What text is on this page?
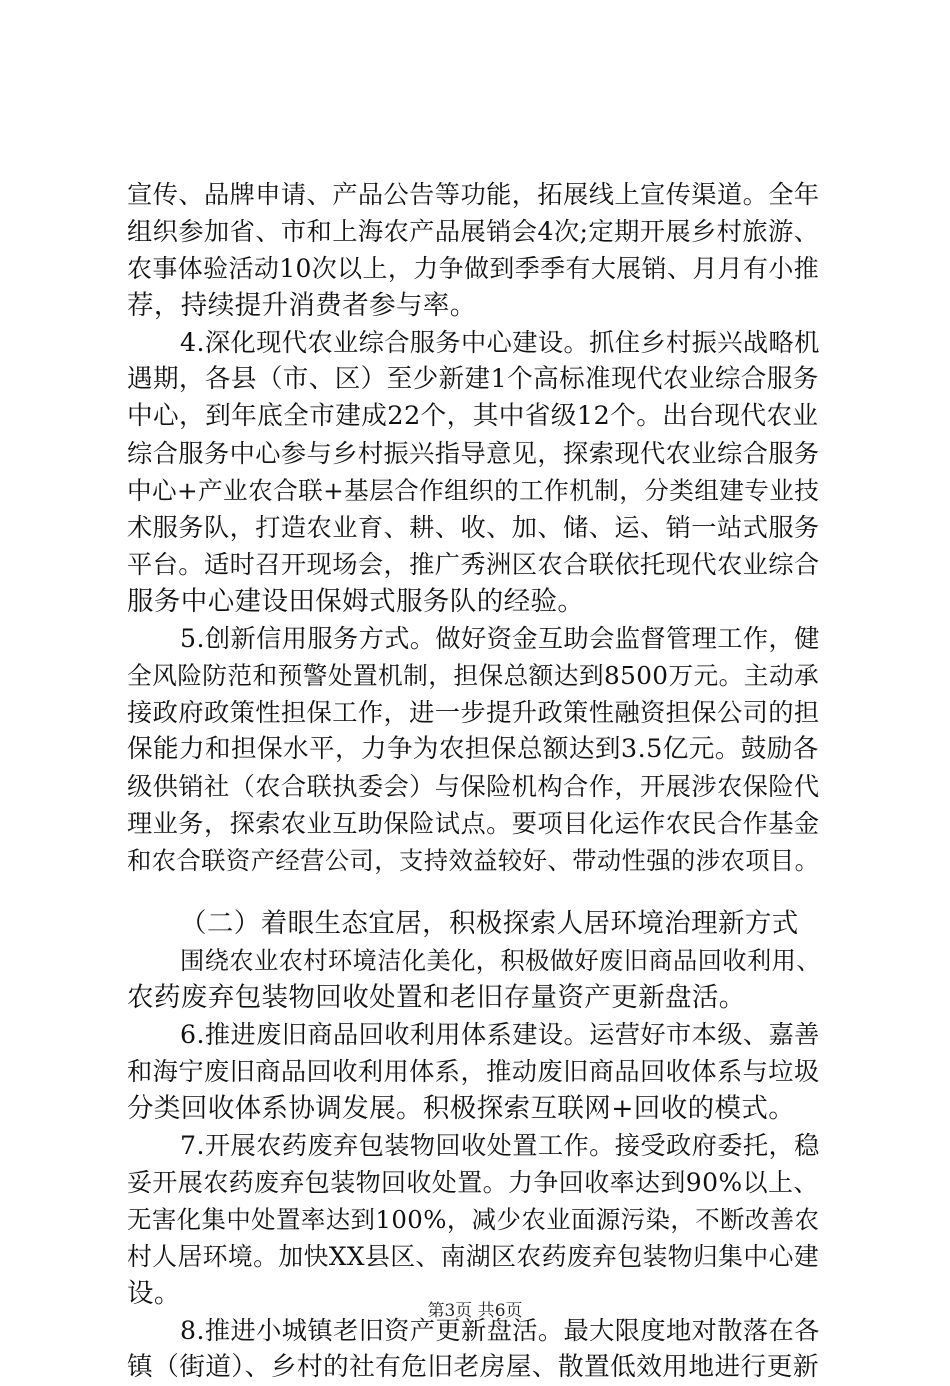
宣传、品牌申请、产品公告等功能，拓展线上宣传渠道。全年
组织参加省、市和上海农产品展销会4次;定期开展乡村旅游、
农事体验活动10次以上，力争做到季季有大展销、月月有小推
荐，持续提升消费者参与率。
4.深化现代农业综合服务中心建设。抓住乡村振兴战略机
遇期，各县（市、区）至少新建1个高标准现代农业综合服务
中心，到年底全市建成22个，其中省级12个。出台现代农业
综合服务中心参与乡村振兴指导意见，探索现代农业综合服务
中心+产业农合联+基层合作组织的工作机制，分类组建专业技
术服务队，打造农业育、耕、收、加、储、运、销一站式服务
平台。适时召开现场会，推广秀洲区农合联依托现代农业综合
服务中心建设田保姆式服务队的经验。
5.创新信用服务方式。做好资金互助会监督管理工作，健
全风险防范和预警处置机制，担保总额达到8500万元。主动承
接政府政策性担保工作，进一步提升政策性融资担保公司的担
保能力和担保水平，力争为农担保总额达到3.5亿元。鼓励各
级供销社（农合联执委会）与保险机构合作，开展涉农保险代
理业务，探索农业互助保险试点。要项目化运作农民合作基金
和农合联资产经营公司，支持效益较好、带动性强的涉农项目。
（二）着眼生态宜居，积极探索人居环境治理新方式
围绕农业农村环境洁化美化，积极做好废旧商品回收利用、
农药废弃包装物回收处置和老旧存量资产更新盘活。
6.推进废旧商品回收利用体系建设。运营好市本级、嘉善
和海宁废旧商品回收利用体系，推动废旧商品回收体系与垃圾
分类回收体系协调发展。积极探索互联网+回收的模式。
7.开展农药废弃包装物回收处置工作。接受政府委托，稳
妥开展农药废弃包装物回收处置。力争回收率达到90%以上、
无害化集中处置率达到100%，减少农业面源污染，不断改善农
村人居环境。加快XX县区、南湖区农药废弃包装物归集中心建
设。
8.推进小城镇老旧资产更新盘活。最大限度地对散落在各
镇（街道）、乡村的社有危旧老房屋、散置低效用地进行更新
第3页 共6页
